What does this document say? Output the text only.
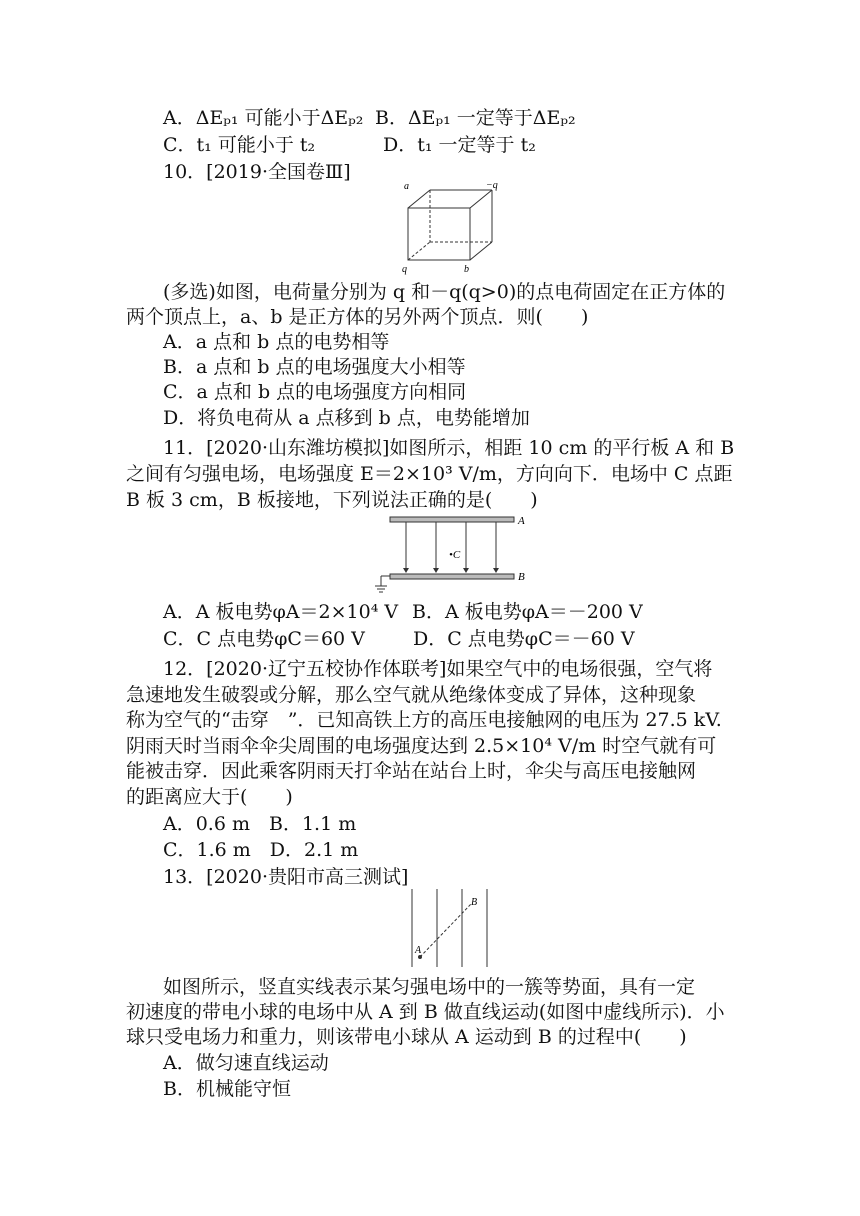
A．ΔEₚ₁ 可能小于ΔEₚ₂ B．ΔEₚ₁ 一定等于ΔEₚ₂
C．t₁ 可能小于 t₂	D．t₁ 一定等于 t₂
10．[2019·全国卷Ⅲ]
a	−q
q	b
(多选)如图，电荷量分别为 q 和－q(q>0)的点电荷固定在正方体的
两个顶点上，a、b 是正方体的另外两个顶点．则(　　)
A．a 点和 b 点的电势相等
B．a 点和 b 点的电场强度大小相等
C．a 点和 b 点的电场强度方向相同
D．将负电荷从 a 点移到 b 点，电势能增加
11．[2020·山东潍坊模拟]如图所示，相距 10 cm 的平行板 A 和 B
之间有匀强电场，电场强度 E＝2×10³ V/m，方向向下．电场中 C 点距
B 板 3 cm，B 板接地，下列说法正确的是(　　)
A
B
•C
A．A 板电势φA＝2×10⁴ V B．A 板电势φA＝－200 V
C．C 点电势φC＝60 V	D．C 点电势φC＝－60 V
12．[2020·辽宁五校协作体联考]如果空气中的电场很强，空气将
急速地发生破裂或分解，那么空气就从绝缘体变成了异体，这种现象
称为空气的“击穿　”．已知高铁上方的高压电接触网的电压为 27.5 kV.
阴雨天时当雨伞伞尖周围的电场强度达到 2.5×10⁴ V/m 时空气就有可
能被击穿．因此乘客阴雨天打伞站在站台上时，伞尖与高压电接触网
的距离应大于(　　)
A．0.6 m　B．1.1 m
C．1.6 m　D．2.1 m
13．[2020·贵阳市高三测试]
A
B
如图所示，竖直实线表示某匀强电场中的一簇等势面，具有一定
初速度的带电小球的电场中从 A 到 B 做直线运动(如图中虚线所示)．小
球只受电场力和重力，则该带电小球从 A 运动到 B 的过程中(　　)
A．做匀速直线运动
B．机械能守恒
